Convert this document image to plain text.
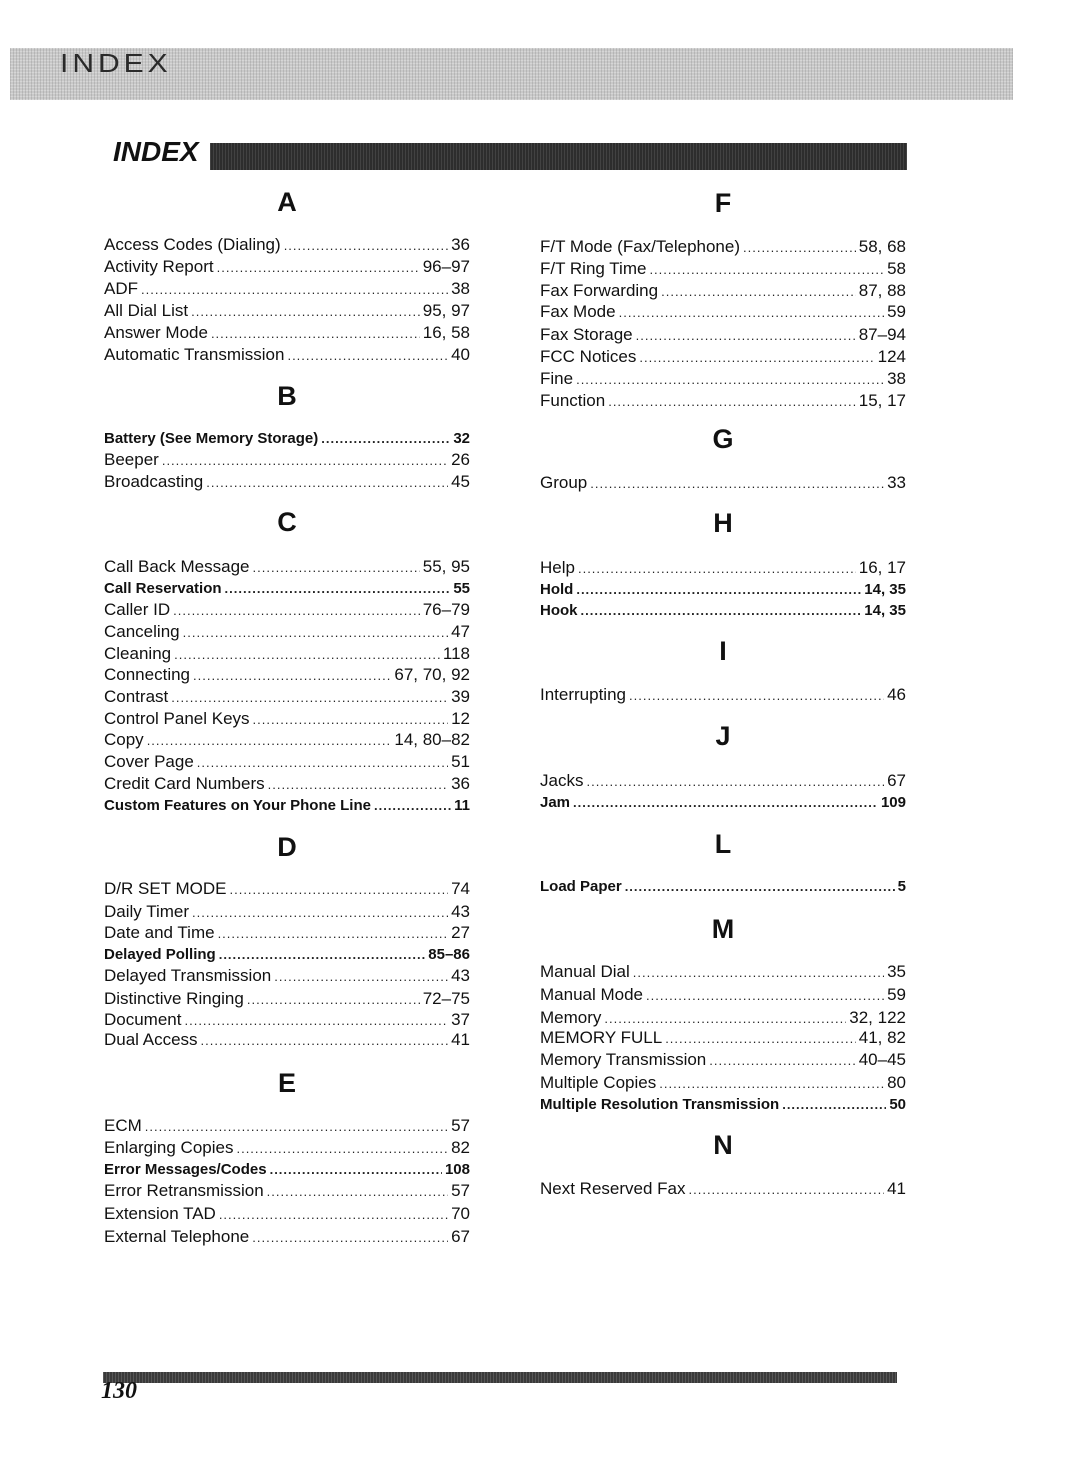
INDEX
INDEX
A
Access Codes (Dialing) .....	36
Activity Report .....	96–97
ADF .....	38
All Dial List .....	95, 97
Answer Mode .....	16, 58
Automatic Transmission .....	40
B
Battery (See Memory Storage) .....	32
Beeper .....	26
Broadcasting .....	45
C
Call Back Message .....	55, 95
Call Reservation .....	55
Caller ID .....	76–79
Canceling .....	47
Cleaning .....	118
Connecting .....	67, 70, 92
Contrast .....	39
Control Panel Keys .....	12
Copy .....	14, 80–82
Cover Page .....	51
Credit Card Numbers .....	36
Custom Features on Your Phone Line .....	11
D
D/R SET MODE .....	74
Daily Timer .....	43
Date and Time .....	27
Delayed Polling .....	85–86
Delayed Transmission .....	43
Distinctive Ringing .....	72–75
Document .....	37
Dual Access .....	41
E
ECM .....	57
Enlarging Copies .....	82
Error Messages/Codes .....	108
Error Retransmission .....	57
Extension TAD .....	70
External Telephone .....	67
F
F/T Mode (Fax/Telephone) .....	58, 68
F/T Ring Time .....	58
Fax Forwarding .....	87, 88
Fax Mode .....	59
Fax Storage .....	87–94
FCC Notices .....	124
Fine .....	38
Function .....	15, 17
G
Group .....	33
H
Help .....	16, 17
Hold .....	14, 35
Hook .....	14, 35
I
Interrupting .....	46
J
Jacks .....	67
Jam .....	109
L
Load Paper .....	5
M
Manual Dial .....	35
Manual Mode .....	59
Memory .....	32, 122
MEMORY FULL .....	41, 82
Memory Transmission .....	40–45
Multiple Copies .....	80
Multiple Resolution Transmission .....	50
N
Next Reserved Fax .....	41
130
